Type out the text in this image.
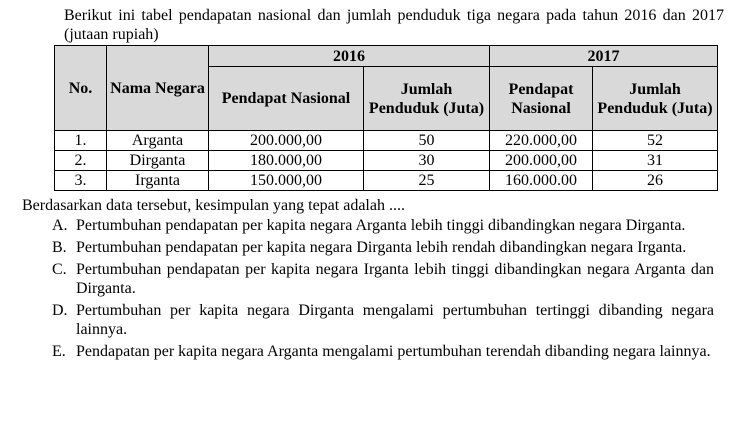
Berikut ini tabel pendapatan nasional dan jumlah penduduk tiga negara pada tahun 2016 dan 2017 (jutaan rupiah)
No.	Nama Negara	2016		2017	
		Pendapat Nasional	Jumlah Penduduk (Juta)	Pendapat Nasional	Jumlah Penduduk (Juta)
1.	Arganta	200.000,00	50	220.000,00	52
2.	Dirganta	180.000,00	30	200.000,00	31
3.	Irganta	150.000,00	25	160.000.00	26
Berdasarkan data tersebut, kesimpulan yang tepat adalah ....
A. Pertumbuhan pendapatan per kapita negara Arganta lebih tinggi dibandingkan negara Dirganta.
B. Pertumbuhan pendapatan per kapita negara Dirganta lebih rendah dibandingkan negara Irganta.
C. Pertumbuhan pendapatan per kapita negara Irganta lebih tinggi dibandingkan negara Arganta dan Dirganta.
D. Pertumbuhan per kapita negara Dirganta mengalami pertumbuhan tertinggi dibanding negara lainnya.
E. Pendapatan per kapita negara Arganta mengalami pertumbuhan terendah dibanding negara lainnya.
